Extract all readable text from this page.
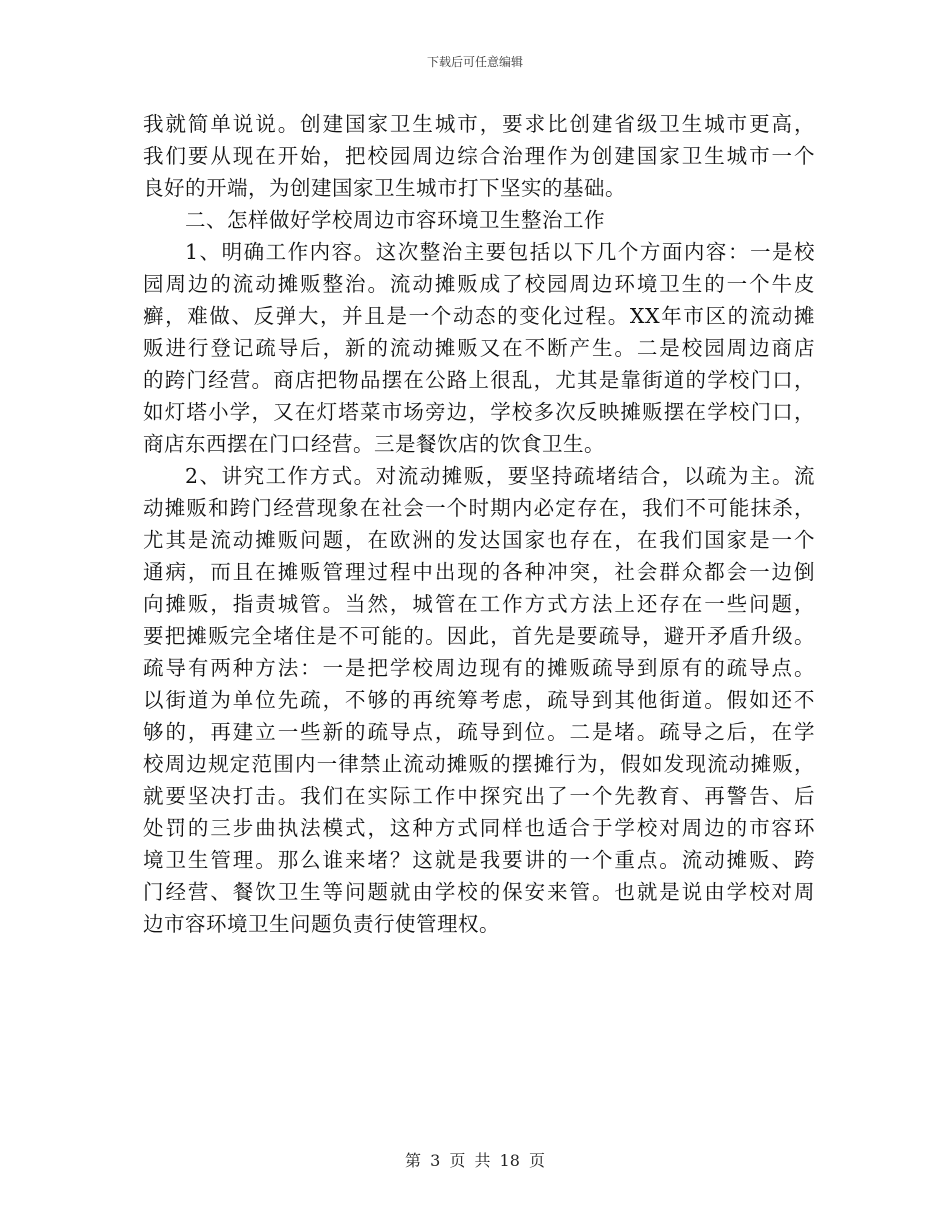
下载后可任意编辑
我就简单说说。创建国家卫生城市，要求比创建省级卫生城市更高，
我们要从现在开始，把校园周边综合治理作为创建国家卫生城市一个
良好的开端，为创建国家卫生城市打下坚实的基础。
二、怎样做好学校周边市容环境卫生整治工作
1、明确工作内容。这次整治主要包括以下几个方面内容：一是校
园周边的流动摊贩整治。流动摊贩成了校园周边环境卫生的一个牛皮
癣，难做、反弹大，并且是一个动态的变化过程。XX年市区的流动摊
贩进行登记疏导后，新的流动摊贩又在不断产生。二是校园周边商店
的跨门经营。商店把物品摆在公路上很乱，尤其是靠街道的学校门口，
如灯塔小学，又在灯塔菜市场旁边，学校多次反映摊贩摆在学校门口，
商店东西摆在门口经营。三是餐饮店的饮食卫生。
2、讲究工作方式。对流动摊贩，要坚持疏堵结合，以疏为主。流
动摊贩和跨门经营现象在社会一个时期内必定存在，我们不可能抹杀，
尤其是流动摊贩问题，在欧洲的发达国家也存在，在我们国家是一个
通病，而且在摊贩管理过程中出现的各种冲突，社会群众都会一边倒
向摊贩，指责城管。当然，城管在工作方式方法上还存在一些问题，
要把摊贩完全堵住是不可能的。因此，首先是要疏导，避开矛盾升级。
疏导有两种方法：一是把学校周边现有的摊贩疏导到原有的疏导点。
以街道为单位先疏，不够的再统筹考虑，疏导到其他街道。假如还不
够的，再建立一些新的疏导点，疏导到位。二是堵。疏导之后，在学
校周边规定范围内一律禁止流动摊贩的摆摊行为，假如发现流动摊贩，
就要坚决打击。我们在实际工作中探究出了一个先教育、再警告、后
处罚的三步曲执法模式，这种方式同样也适合于学校对周边的市容环
境卫生管理。那么谁来堵？这就是我要讲的一个重点。流动摊贩、跨
门经营、餐饮卫生等问题就由学校的保安来管。也就是说由学校对周
边市容环境卫生问题负责行使管理权。
第 3 页 共 18 页
